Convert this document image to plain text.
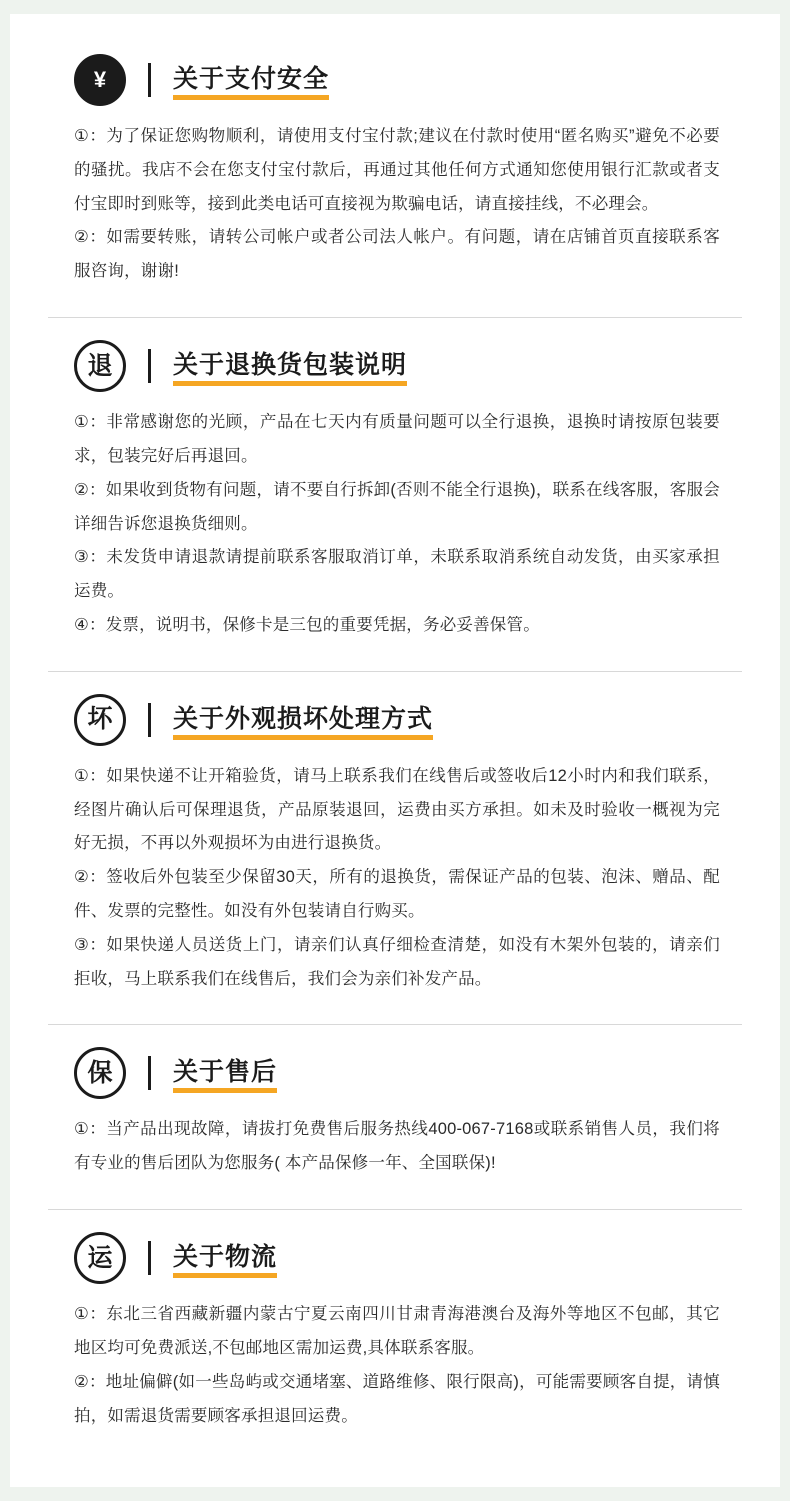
¥	关于支付安全

①：为了保证您购物顺利，请使用支付宝付款;建议在付款时使用“匿名购买”避免不必要的骚扰。我店不会在您支付宝付款后，再通过其他任何方式通知您使用银行汇款或者支付宝即时到账等，接到此类电话可直接视为欺骗电话，请直接挂线，不必理会。

②：如需要转账，请转公司帐户或者公司法人帐户。有问题，请在店铺首页直接联系客服咨询，谢谢!

退	关于退换货包装说明

①：非常感谢您的光顾，产品在七天内有质量问题可以全行退换，退换时请按原包装要求，包装完好后再退回。

②：如果收到货物有问题，请不要自行拆卸(否则不能全行退换)，联系在线客服，客服会详细告诉您退换货细则。

③：未发货申请退款请提前联系客服取消订单，未联系取消系统自动发货，由买家承担运费。

④：发票，说明书，保修卡是三包的重要凭据，务必妥善保管。

坏	关于外观损坏处理方式

①：如果快递不让开箱验货，请马上联系我们在线售后或签收后12小时内和我们联系，经图片确认后可保理退货，产品原装退回，运费由买方承担。如未及时验收一概视为完好无损，不再以外观损坏为由进行退换货。

②：签收后外包装至少保留30天，所有的退换货，需保证产品的包装、泡沫、赠品、配件、发票的完整性。如没有外包装请自行购买。

③：如果快递人员送货上门，请亲们认真仔细检查清楚，如没有木架外包装的，请亲们拒收，马上联系我们在线售后，我们会为亲们补发产品。

保	关于售后

①：当产品出现故障，请拔打免费售后服务热线400-067-7168或联系销售人员，我们将有专业的售后团队为您服务( 本产品保修一年、全国联保)!

运	关于物流

①：东北三省西藏新疆内蒙古宁夏云南四川甘肃青海港澳台及海外等地区不包邮，其它地区均可免费派送,不包邮地区需加运费,具体联系客服。

②：地址偏僻(如一些岛屿或交通堵塞、道路维修、限行限高)，可能需要顾客自提，请慎拍，如需退货需要顾客承担退回运费。
